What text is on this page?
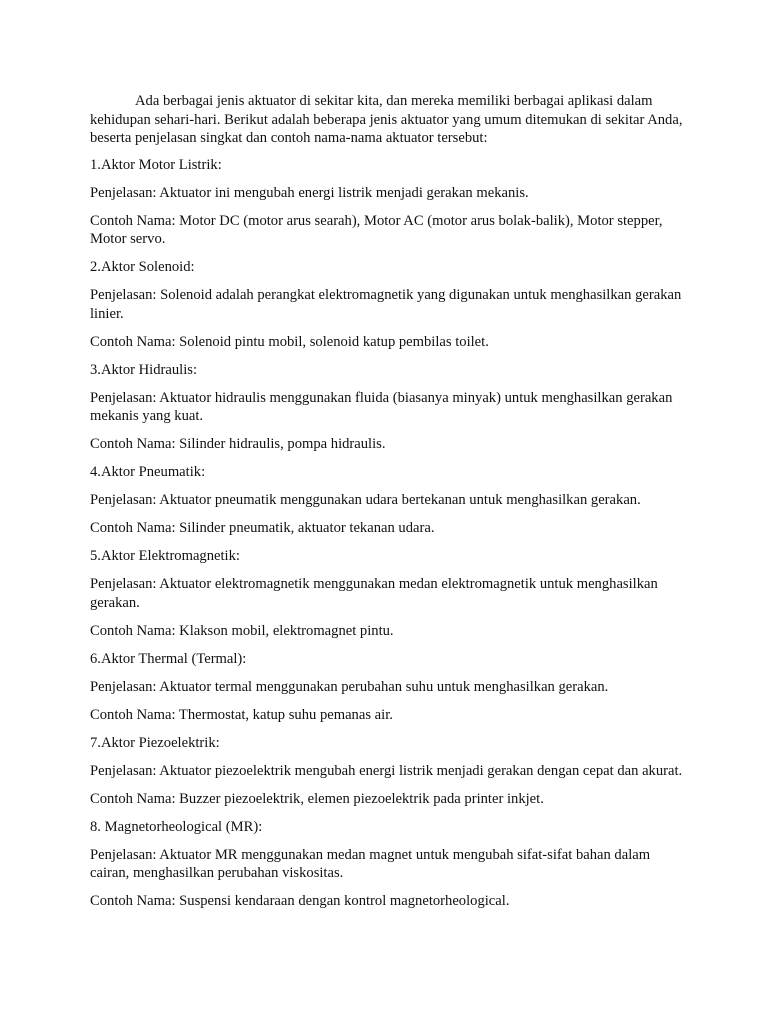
Ada berbagai jenis aktuator di sekitar kita, dan mereka memiliki berbagai aplikasi dalam kehidupan sehari-hari. Berikut adalah beberapa jenis aktuator yang umum ditemukan di sekitar Anda, beserta penjelasan singkat dan contoh nama-nama aktuator tersebut:

1.Aktor Motor Listrik:

Penjelasan: Aktuator ini mengubah energi listrik menjadi gerakan mekanis.

Contoh Nama: Motor DC (motor arus searah), Motor AC (motor arus bolak-balik), Motor stepper, Motor servo.

2.Aktor Solenoid:

Penjelasan: Solenoid adalah perangkat elektromagnetik yang digunakan untuk menghasilkan gerakan linier.

Contoh Nama: Solenoid pintu mobil, solenoid katup pembilas toilet.

3.Aktor Hidraulis:

Penjelasan: Aktuator hidraulis menggunakan fluida (biasanya minyak) untuk menghasilkan gerakan mekanis yang kuat.

Contoh Nama: Silinder hidraulis, pompa hidraulis.

4.Aktor Pneumatik:

Penjelasan: Aktuator pneumatik menggunakan udara bertekanan untuk menghasilkan gerakan.

Contoh Nama: Silinder pneumatik, aktuator tekanan udara.

5.Aktor Elektromagnetik:

Penjelasan: Aktuator elektromagnetik menggunakan medan elektromagnetik untuk menghasilkan gerakan.

Contoh Nama: Klakson mobil, elektromagnet pintu.

6.Aktor Thermal (Termal):

Penjelasan: Aktuator termal menggunakan perubahan suhu untuk menghasilkan gerakan.

Contoh Nama: Thermostat, katup suhu pemanas air.

7.Aktor Piezoelektrik:

Penjelasan: Aktuator piezoelektrik mengubah energi listrik menjadi gerakan dengan cepat dan akurat.

Contoh Nama: Buzzer piezoelektrik, elemen piezoelektrik pada printer inkjet.

8. Magnetorheological (MR):

Penjelasan: Aktuator MR menggunakan medan magnet untuk mengubah sifat-sifat bahan dalam cairan, menghasilkan perubahan viskositas.

Contoh Nama: Suspensi kendaraan dengan kontrol magnetorheological.
